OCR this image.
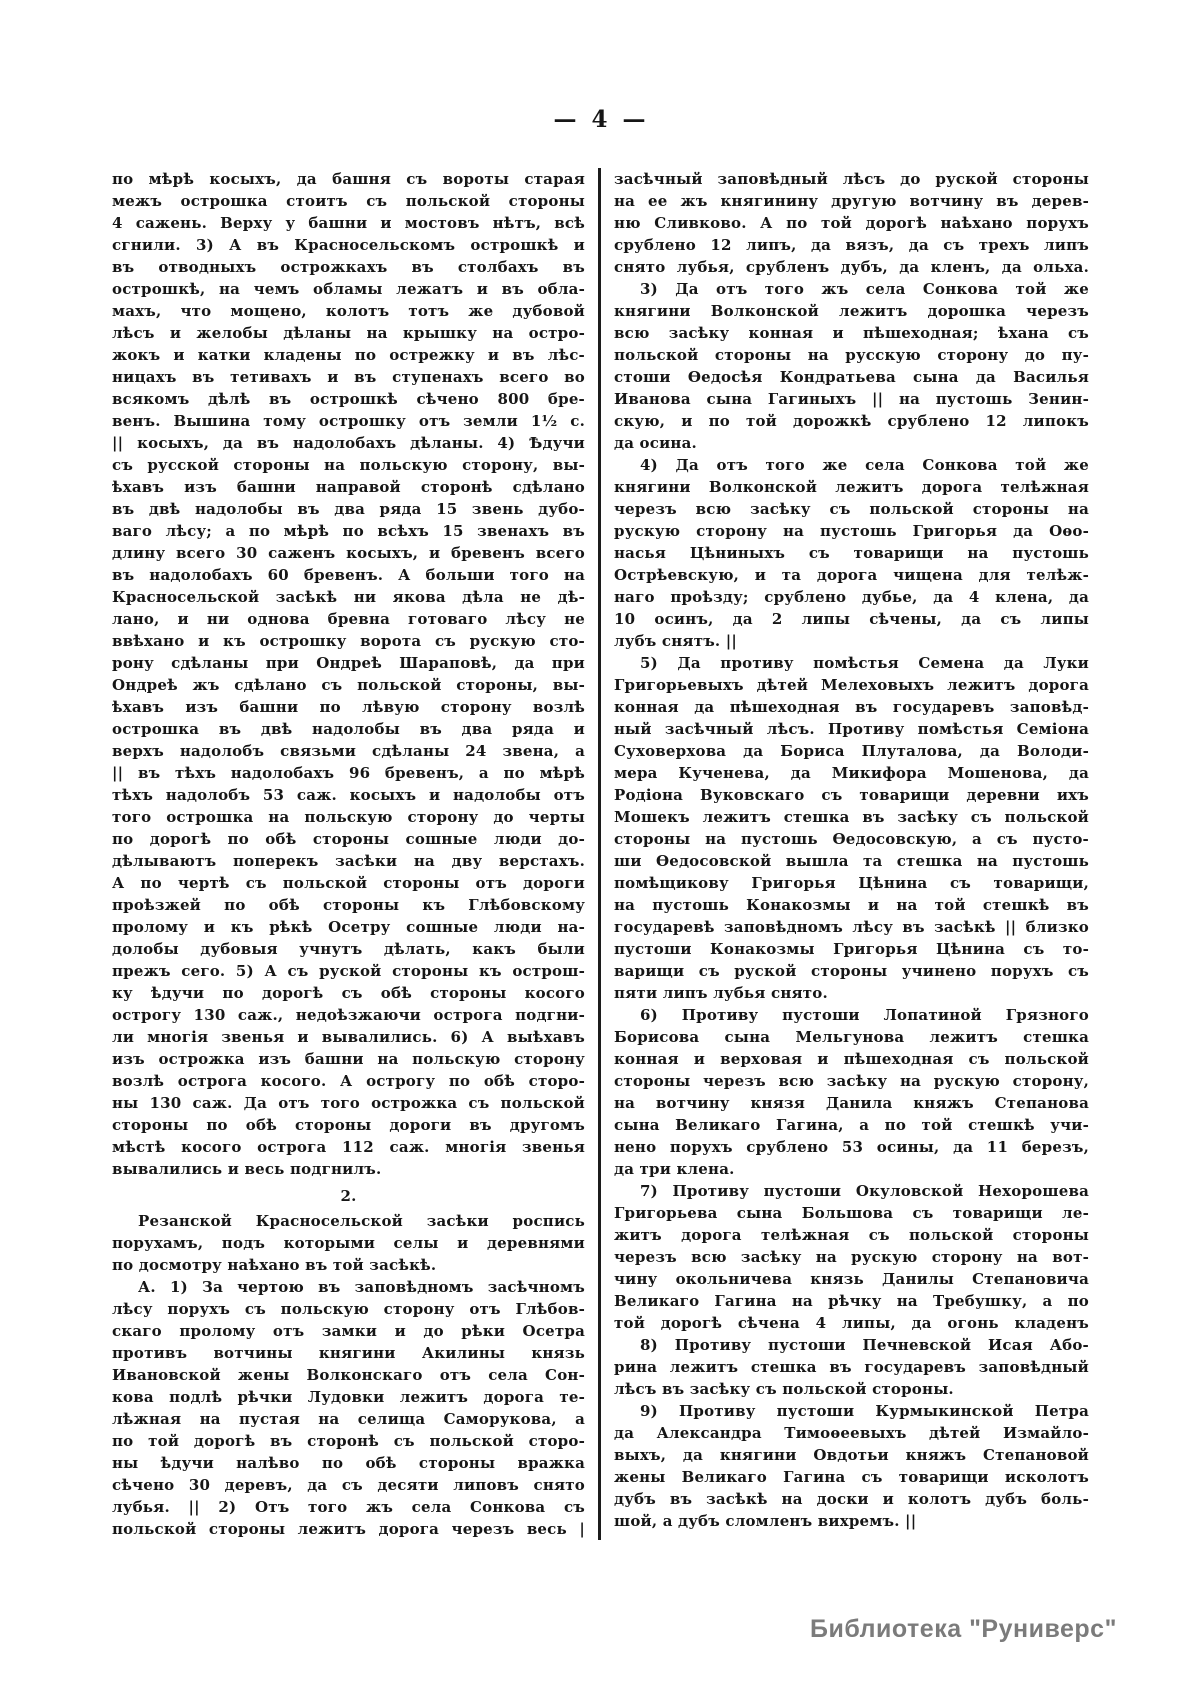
— 4 —
по мѣрѣ косыхъ, да башня съ вороты старая
межъ острошка стоитъ съ польской стороны
4 сажень. Верху у башни и мостовъ нѣтъ, всѣ
сгнили. 3) А въ Красносельскомъ острошкѣ и
въ отводныхъ острожкахъ въ столбахъ въ
острошкѣ, на чемъ обламы лежатъ и въ обла-
махъ, что мощено, колотъ тотъ же дубовой
лѣсъ и желобы дѣланы на крышку на остро-
жокъ и катки кладены по острежку и въ лѣс-
ницахъ въ тетивахъ и въ ступенахъ всего во
всякомъ дѣлѣ въ острошкѣ сѣчено 800 бре-
венъ. Вышина тому острошку отъ земли 1½ с.
|| косыхъ, да въ надолобахъ дѣланы. 4) Ѣдучи
съ русской стороны на польскую сторону, вы-
ѣхавъ изъ башни направой сторонѣ сдѣлано
въ двѣ надолобы въ два ряда 15 звень дубо-
ваго лѣсу; а по мѣрѣ по всѣхъ 15 звенахъ въ
длину всего 30 саженъ косыхъ, и бревенъ всего
въ надолобахъ 60 бревенъ. А больши того на
Красносельской засѣкѣ ни якова дѣла не дѣ-
лано, и ни однова бревна готоваго лѣсу не
ввѣхано и къ острошку ворота съ рускую сто-
рону сдѣланы при Ондреѣ Шараповѣ, да при
Ондреѣ жъ сдѣлано съ польской стороны, вы-
ѣхавъ изъ башни по лѣвую сторону возлѣ
острошка въ двѣ надолобы въ два ряда и
верхъ надолобъ связьми сдѣланы 24 звена, а
|| въ тѣхъ надолобахъ 96 бревенъ, а по мѣрѣ
тѣхъ надолобъ 53 саж. косыхъ и надолобы отъ
того острошка на польскую сторону до черты
по дорогѣ по обѣ стороны сошные люди до-
дѣлываютъ поперекъ засѣки на дву верстахъ.
А по чертѣ съ польской стороны отъ дороги
проѣзжей по обѣ стороны къ Глѣбовскому
пролому и къ рѣкѣ Осетру сошные люди на-
долобы дубовыя учнутъ дѣлать, какъ были
прежъ сего. 5) А съ руской стороны къ острош-
ку ѣдучи по дорогѣ съ обѣ стороны косого
острогу 130 саж., недоѣзжаючи острога подгни-
ли многія звенья и вывалились. 6) А выѣхавъ
изъ острожка изъ башни на польскую сторону
возлѣ острога косого. А острогу по обѣ сторо-
ны 130 саж. Да отъ того острожка съ польской
стороны по обѣ стороны дороги въ другомъ
мѣстѣ косого острога 112 саж. многія звенья
вывалились и весь подгнилъ.
2.
Резанской Красносельской засѣки роспись
порухамъ, подъ которыми селы и деревнями
по досмотру наѣхано въ той засѣкѣ.
А. 1) За чертою въ заповѣдномъ засѣчномъ
лѣсу порухъ съ польскую сторону отъ Глѣбов-
скаго пролому отъ замки и до рѣки Осетра
противъ вотчины княгини Акилины князь
Ивановской жены Волконскаго отъ села Сон-
кова подлѣ рѣчки Лудовки лежитъ дорога те-
лѣжная на пустая на селища Саморукова, а
по той дорогѣ въ сторонѣ съ польской сторо-
ны ѣдучи налѣво по обѣ стороны вражка
сѣчено 30 деревъ, да съ десяти липовъ снято
лубья. || 2) Отъ того жъ села Сонкова съ
польской стороны лежитъ дорога черезъ весь |
засѣчный заповѣдный лѣсъ до руской стороны
на ее жъ княгинину другую вотчину въ дерев-
ню Сливково. А по той дорогѣ наѣхано порухъ
срублено 12 липъ, да вязъ, да съ трехъ липъ
снято лубья, срубленъ дубъ, да кленъ, да ольха.
3) Да отъ того жъ села Сонкова той же
княгини Волконской лежитъ дорошка черезъ
всю засѣку конная и пѣшеходная; ѣхана съ
польской стороны на русскую сторону до пу-
стоши Ѳедосѣя Кондратьева сына да Василья
Иванова сына Гагиныхъ || на пустошь Зенин-
скую, и по той дорожкѣ срублено 12 липокъ
да осина.
4) Да отъ того же села Сонкова той же
княгини Волконской лежитъ дорога телѣжная
черезъ всю засѣку съ польской стороны на
рускую сторону на пустошь Григорья да Оѳо-
насья Цѣниныхъ съ товарищи на пустошь
Острѣевскую, и та дорога чищена для телѣж-
наго проѣзду; срублено дубье, да 4 клена, да
10 осинъ, да 2 липы сѣчены, да съ липы
лубъ снятъ. ||
5) Да противу помѣстья Семена да Луки
Григорьевыхъ дѣтей Мелеховыхъ лежитъ дорога
конная да пѣшеходная въ государевъ заповѣд-
ный засѣчный лѣсъ. Противу помѣстья Семіона
Суховерхова да Бориса Плуталова, да Володи-
мера Кученева, да Микифора Мошенова, да
Родіона Вуковскаго съ товарищи деревни ихъ
Мошекъ лежитъ стешка въ засѣку съ польской
стороны на пустошь Ѳедосовскую, а съ пусто-
ши Ѳедосовской вышла та стешка на пустошь
помѣщикову Григорья Цѣнина съ товарищи,
на пустошь Конакозмы и на той стешкѣ въ
государевѣ заповѣдномъ лѣсу въ засѣкѣ || близко
пустоши Конакозмы Григорья Цѣнина съ то-
варищи съ руской стороны учинено порухъ съ
пяти липъ лубья снято.
6) Противу пустоши Лопатиной Грязного
Борисова сына Мельгунова лежитъ стешка
конная и верховая и пѣшеходная съ польской
стороны черезъ всю засѣку на рускую сторону,
на вотчину князя Данила княжъ Степанова
сына Великаго Гагина, а по той стешкѣ учи-
нено порухъ срублено 53 осины, да 11 березъ,
да три клена.
7) Противу пустоши Окуловской Нехорошева
Григорьева сына Большова съ товарищи ле-
житъ дорога телѣжная съ польской стороны
черезъ всю засѣку на рускую сторону на вот-
чину окольничева князь Данилы Степановича
Великаго Гагина на рѣчку на Требушку, а по
той дорогѣ сѣчена 4 липы, да огонь кладенъ
8) Противу пустоши Печневской Исая Або-
рина лежитъ стешка въ государевъ заповѣдный
лѣсъ въ засѣку съ польской стороны.
9) Противу пустоши Курмыкинской Петра
да Александра Тимоѳеевыхъ дѣтей Измайло-
выхъ, да княгини Овдотьи княжъ Степановой
жены Великаго Гагина съ товарищи исколотъ
дубъ въ засѣкѣ на доски и колотъ дубъ боль-
шой, а дубъ сломленъ вихремъ. ||
Библиотека "Руниверс"
